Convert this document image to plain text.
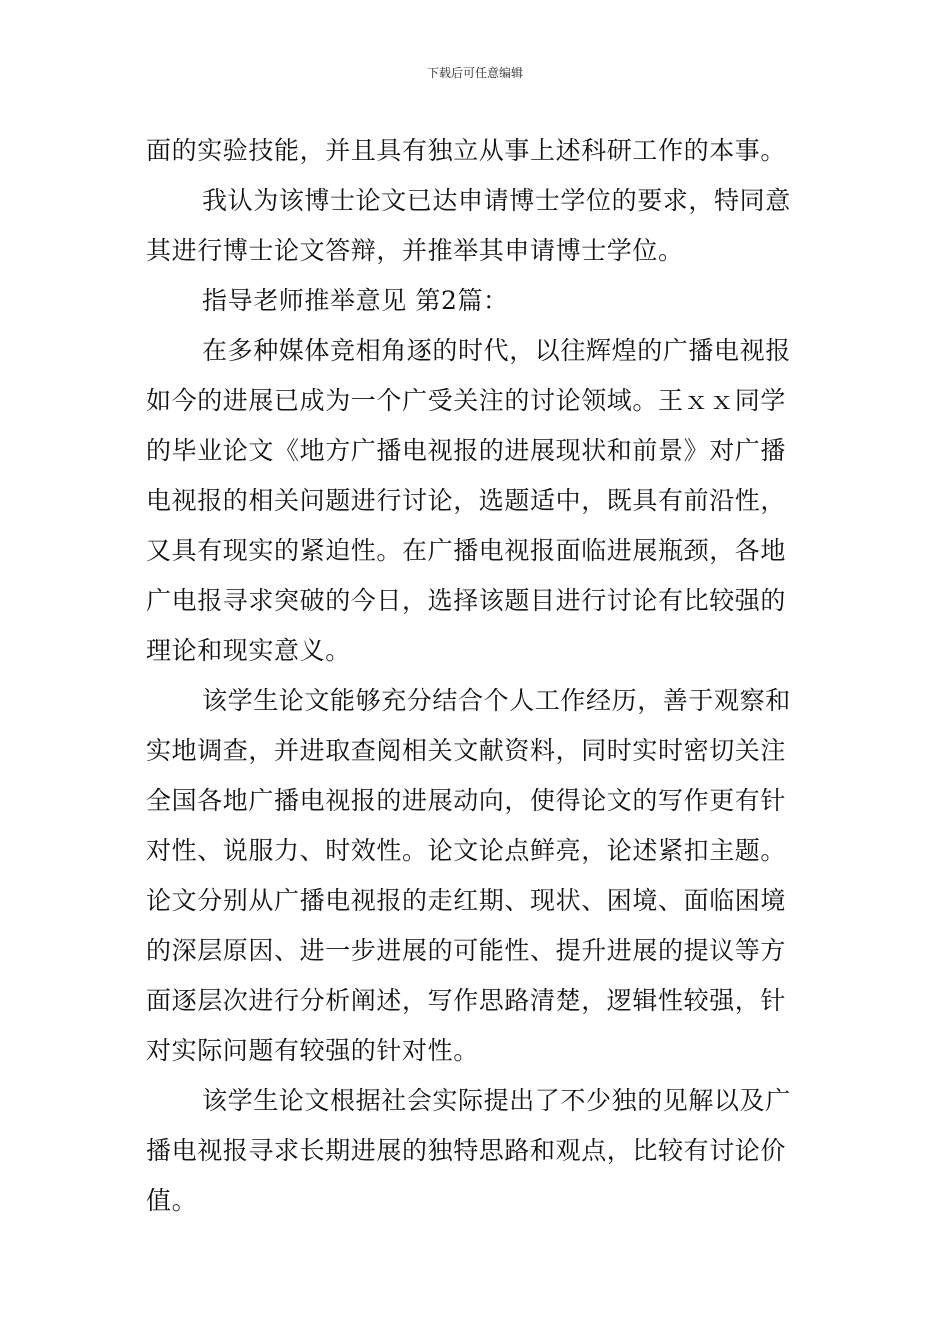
下载后可任意编辑
面的实验技能，并且具有独立从事上述科研工作的本事。
我认为该博士论文已达申请博士学位的要求，特同意
其进行博士论文答辩，并推举其申请博士学位。
指导老师推举意见 第2篇：
在多种媒体竞相角逐的时代，以往辉煌的广播电视报
如今的进展已成为一个广受关注的讨论领域。王ｘｘ同学
的毕业论文《地方广播电视报的进展现状和前景》对广播
电视报的相关问题进行讨论，选题适中，既具有前沿性，
又具有现实的紧迫性。在广播电视报面临进展瓶颈，各地
广电报寻求突破的今日，选择该题目进行讨论有比较强的
理论和现实意义。
该学生论文能够充分结合个人工作经历，善于观察和
实地调查，并进取查阅相关文献资料，同时实时密切关注
全国各地广播电视报的进展动向，使得论文的写作更有针
对性、说服力、时效性。论文论点鲜亮，论述紧扣主题。
论文分别从广播电视报的走红期、现状、困境、面临困境
的深层原因、进一步进展的可能性、提升进展的提议等方
面逐层次进行分析阐述，写作思路清楚，逻辑性较强，针
对实际问题有较强的针对性。
该学生论文根据社会实际提出了不少独的见解以及广
播电视报寻求长期进展的独特思路和观点，比较有讨论价
值。
